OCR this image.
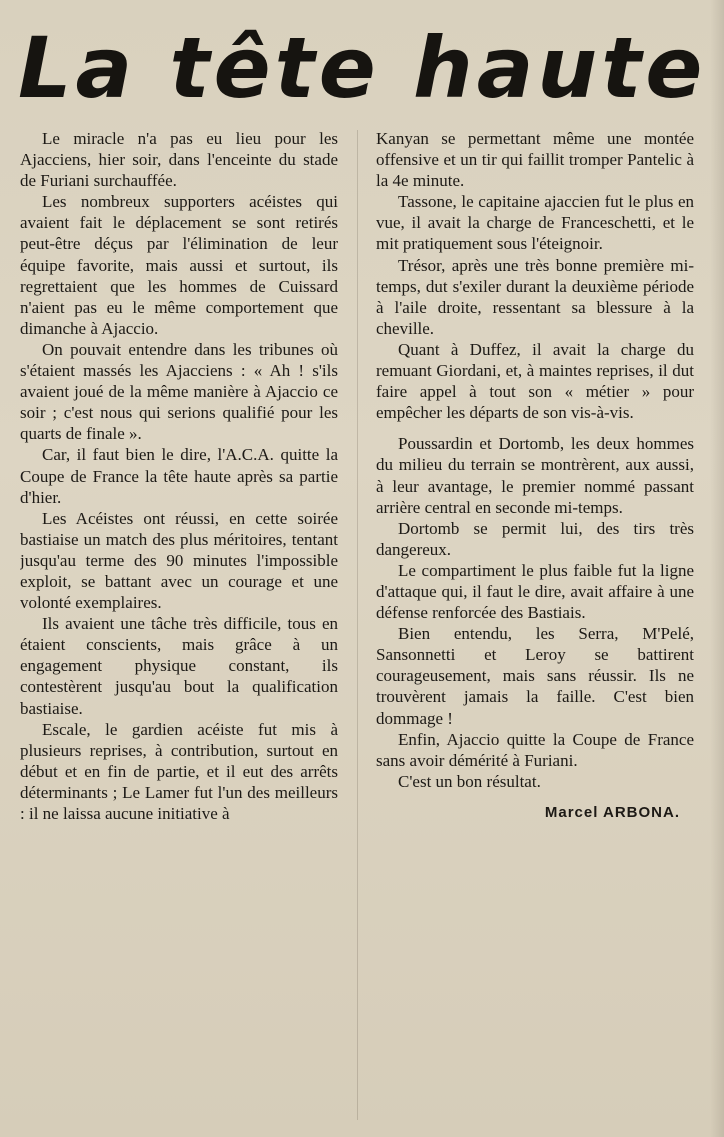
La tête haute

Le miracle n'a pas eu lieu pour les Ajacciens, hier soir, dans l'enceinte du stade de Furiani surchauffée.

Les nombreux supporters acéistes qui avaient fait le déplacement se sont retirés peut-être déçus par l'élimination de leur équipe favorite, mais aussi et surtout, ils regrettaient que les hommes de Cuissard n'aient pas eu le même comportement que dimanche à Ajaccio.

On pouvait entendre dans les tribunes où s'étaient massés les Ajacciens : « Ah ! s'ils avaient joué de la même manière à Ajaccio ce soir ; c'est nous qui serions qualifié pour les quarts de finale ».

Car, il faut bien le dire, l'A.C.A. quitte la Coupe de France la tête haute après sa partie d'hier.

Les Acéistes ont réussi, en cette soirée bastiaise un match des plus méritoires, tentant jusqu'au terme des 90 minutes l'impossible exploit, se battant avec un courage et une volonté exemplaires.

Ils avaient une tâche très difficile, tous en étaient conscients, mais grâce à un engagement physique constant, ils contestèrent jusqu'au bout la qualification bastiaise.

Escale, le gardien acéiste fut mis à plusieurs reprises, à contribution, surtout en début et en fin de partie, et il eut des arrêts déterminants ; Le Lamer fut l'un des meilleurs : il ne laissa aucune initiative à

Kanyan se permettant même une montée offensive et un tir qui faillit tromper Pantelic à la 4e minute.

Tassone, le capitaine ajaccien fut le plus en vue, il avait la charge de Franceschetti, et le mit pratiquement sous l'éteignoir.

Trésor, après une très bonne première mi-temps, dut s'exiler durant la deuxième période à l'aile droite, ressentant sa blessure à la cheville.

Quant à Duffez, il avait la charge du remuant Giordani, et, à maintes reprises, il dut faire appel à tout son « métier » pour empêcher les départs de son vis-à-vis.

Poussardin et Dortomb, les deux hommes du milieu du terrain se montrèrent, aux aussi, à leur avantage, le premier nommé passant arrière central en seconde mi-temps.

Dortomb se permit lui, des tirs très dangereux.

Le compartiment le plus faible fut la ligne d'attaque qui, il faut le dire, avait affaire à une défense renforcée des Bastiais.

Bien entendu, les Serra, M'Pelé, Sansonnetti et Leroy se battirent courageusement, mais sans réussir. Ils ne trouvèrent jamais la faille. C'est bien dommage !

Enfin, Ajaccio quitte la Coupe de France sans avoir démérité à Furiani.

C'est un bon résultat.

Marcel ARBONA.
